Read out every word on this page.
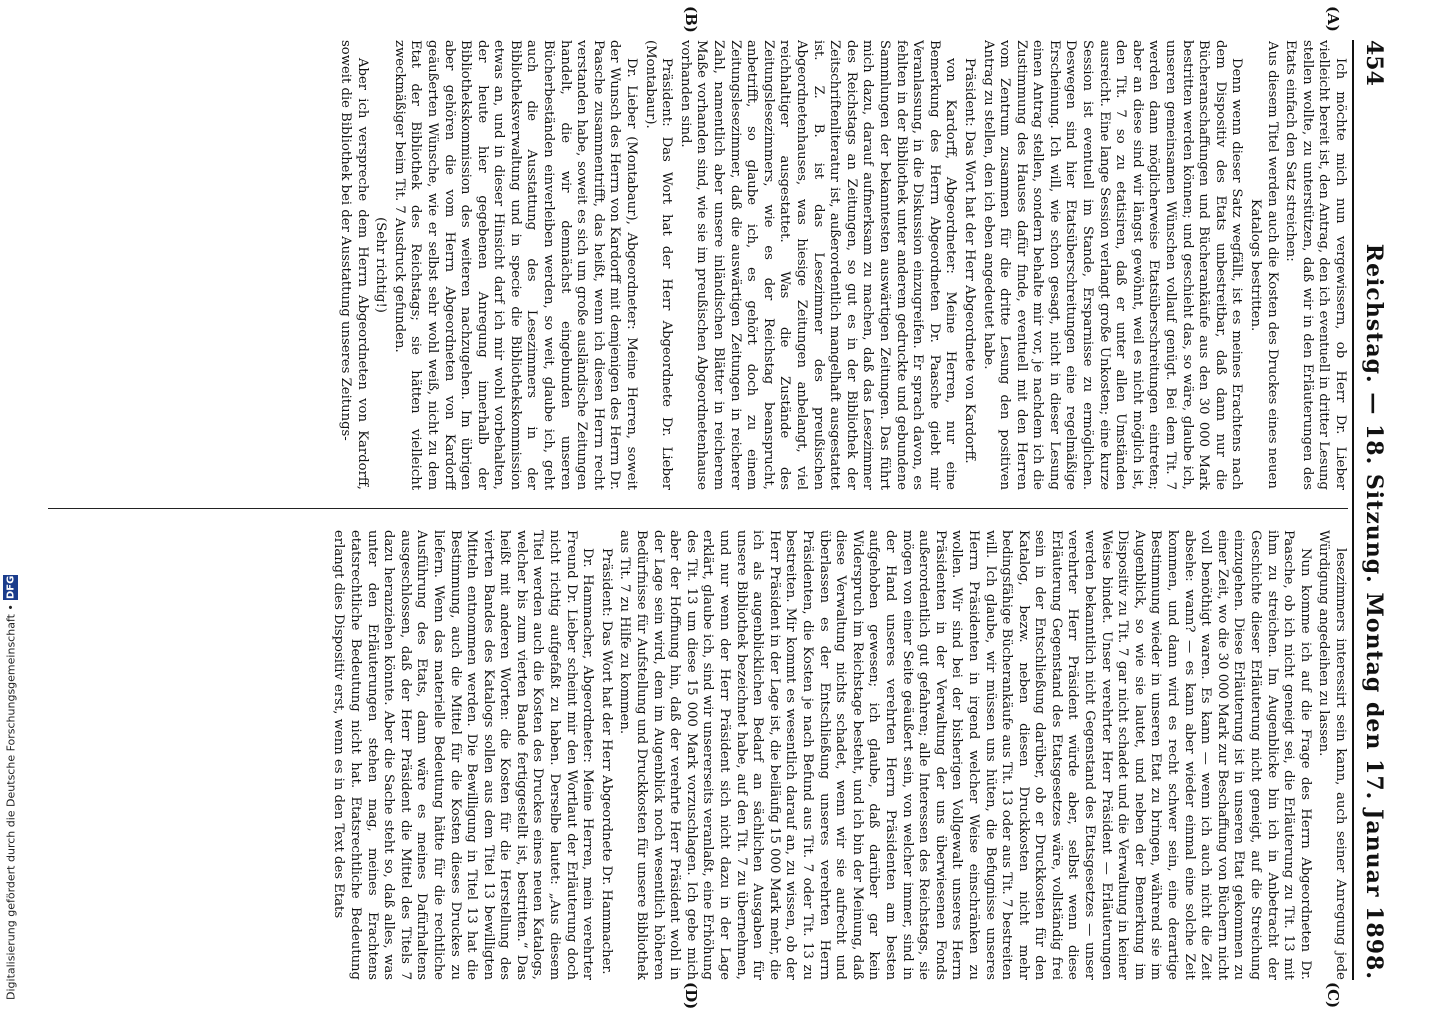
454
Reichstag. — 18. Sitzung. Montag den 17. Januar 1898.
(A)
(B)
(C)
(D)

Ich möchte mich nun vergewissern, ob Herr Dr. Lieber vielleicht bereit ist, den Antrag, den ich eventuell in dritter Lesung stellen wollte, zu unterstützen, daß wir in den Erläuterungen des Etats einfach den Satz streichen:

Aus diesem Titel werden auch die Kosten des Druckes eines neuen Katalogs bestritten.

Denn wenn dieser Satz wegfällt, ist es meines Erachtens nach dem Dispositiv des Etats unbestreitbar, daß dann nur die Bücheranschaffungen und Bücherankäufe aus den 30 000 Mark bestritten werden können; und geschieht das, so wäre, glaube ich, unseren gemeinsamen Wünschen vollauf genügt. Bei dem Tit. 7 werden dann möglicherweise Etatsüberschreitungen eintreten; aber an diese sind wir längst gewöhnt, weil es nicht möglich ist, den Tit. 7 so zu etatisiren, daß er unter allen Umständen ausreicht. Eine lange Session verlangt große Unkosten; eine kurze Session ist eventuell im Stande, Ersparnisse zu ermöglichen. Deswegen sind hier Etatsüberschreitungen eine regelmäßige Erscheinung. Ich will, wie schon gesagt, nicht in dieser Lesung einen Antrag stellen, sondern behalte mir vor, je nachdem ich die Zustimmung des Hauses dafür finde, eventuell mit den Herren vom Zentrum zusammen für die dritte Lesung den positiven Antrag zu stellen, den ich eben angedeutet habe.

Präsident: Das Wort hat der Herr Abgeordnete von Kardorff.

von Kardorff, Abgeordneter: Meine Herren, nur eine Bemerkung des Herrn Abgeordneten Dr. Paasche giebt mir Veranlassung, in die Diskussion einzugreifen. Er sprach davon, es fehlten in der Bibliothek unter anderem gedruckte und gebundene Sammlungen der bekanntesten auswärtigen Zeitungen. Das führt mich dazu, darauf aufmerksam zu machen, daß das Lesezimmer des Reichstags an Zeitungen, so gut es in der Bibliothek der Zeitschriftenliteratur ist, außerordentlich mangelhaft ausgestattet ist. Z. B. ist das Lesezimmer des preußischen Abgeordnetenhauses, was hiesige Zeitungen anbelangt, viel reichhaltiger ausgestattet. Was die Zustände des Zeitungslesezimmers, wie es der Reichstag beansprucht, anbetrifft, so glaube ich, es gehört doch zu einem Zeitungslesezimmer, daß die auswärtigen Zeitungen in reicherer Zahl, namentlich aber unsere inländischen Blätter in reicherem Maße vorhanden sind, wie sie im preußischen Abgeordnetenhause vorhanden sind.

Präsident: Das Wort hat der Herr Abgeordnete Dr. Lieber (Montabaur).

Dr. Lieber (Montabaur), Abgeordneter: Meine Herren, soweit der Wunsch des Herrn von Kardorff mit demjenigen des Herrn Dr. Paasche zusammentrifft, das heißt, wenn ich diesen Herrn recht verstanden habe, soweit es sich um große ausländische Zeitungen handelt, die wir demnächst eingebunden unseren Bücherbeständen einverleiben werden, so weit, glaube ich, geht auch die Ausstattung des Lesezimmers in der Bibliotheksverwaltung und in specie die Bibliothekskommission etwas an, und in dieser Hinsicht darf ich mir wohl vorbehalten, der heute hier gegebenen Anregung innerhalb der Bibliothekskommission des weiteren nachzugehen. Im übrigen aber gehören die vom Herrn Abgeordneten von Kardorff geäußerten Wünsche, wie er selbst sehr wohl weiß, nicht zu dem Etat der Bibliothek des Reichstags; sie hätten vielleicht zweckmäßiger beim Tit. 7 Ausdruck gefunden.

(Sehr richtig!)

Aber ich verspreche dem Herrn Abgeordneten von Kardorff, soweit die Bibliothek bei der Ausstattung unseres Zeitungs-

lesezimmers interessirt sein kann, auch seiner Anregung jede Würdigung angedeihen zu lassen.

Nun komme ich auf die Frage des Herrn Abgeordneten Dr. Paasche, ob ich nicht geneigt sei, die Erläuterung zu Tit. 13 mit ihm zu streichen. Im Augenblicke bin ich in Anbetracht der Geschichte dieser Erläuterung nicht geneigt, auf die Streichung einzugehen. Diese Erläuterung ist in unseren Etat gekommen zu einer Zeit, wo die 30 000 Mark zur Beschaffung von Büchern nicht voll benöthigt waren. Es kann — wenn ich auch nicht die Zeit absehe: wann? — es kann aber wieder einmal eine solche Zeit kommen, und dann wird es recht schwer sein, eine derartige Bestimmung wieder in unseren Etat zu bringen, während sie im Augenblick, so wie sie lautet, und neben der Bemerkung im Dispositiv zu Tit. 7 gar nicht schadet und die Verwaltung in keiner Weise bindet. Unser verehrter Herr Präsident — Erläuterungen werden bekanntlich nicht Gegenstand des Etatsgesetzes — unser verehrter Herr Präsident würde aber, selbst wenn diese Erläuterung Gegenstand des Etatsgesetzes wäre, vollständig frei sein in der Entschließung darüber, ob er Druckkosten für den Katalog, bezw. neben diesen Druckkosten nicht mehr bedingsfähige Bücherankäufe aus Tit. 13 oder aus Tit. 7 bestreiten will. Ich glaube, wir müssen uns hüten, die Befugnisse unseres Herrn Präsidenten in irgend welcher Weise einschränken zu wollen. Wir sind bei der bisherigen Vollgewalt unseres Herrn Präsidenten in der Verwaltung der uns überwiesenen Fonds außerordentlich gut gefahren; alle Interessen des Reichstags, sie mögen von einer Seite geäußert sein, von welcher immer, sind in der Hand unseres verehrten Herrn Präsidenten am besten aufgehoben gewesen; ich glaube, daß darüber gar kein Widerspruch im Reichstage besteht, und ich bin der Meinung, daß diese Verwaltung nichts schadet, wenn wir sie aufrecht und überlassen es der Entschließung unseres verehrten Herrn Präsidenten, die Kosten je nach Befund aus Tit. 7 oder Tit. 13 zu bestreiten. Mir kommt es wesentlich darauf an, zu wissen, ob der Herr Präsident in der Lage ist, die beiläufig 15 000 Mark mehr, die ich als augenblicklichen Bedarf an sächlichen Ausgaben für unsere Bibliothek bezeichnet habe, auf den Tit. 7 zu übernehmen, und nur wenn der Herr Präsident sich nicht dazu in der Lage erklärt, glaube ich, sind wir unsererseits veranlaßt, eine Erhöhung des Tit. 13 um diese 15 000 Mark vorzuschlagen. Ich gebe mich aber der Hoffnung hin, daß der verehrte Herr Präsident wohl in der Lage sein wird, dem im Augenblick noch wesentlich höheren Bedürfnisse für Aufstellung und Druckkosten für unsere Bibliothek aus Tit. 7 zu Hilfe zu kommen.

Präsident: Das Wort hat der Herr Abgeordnete Dr. Hammacher.

Dr. Hammacher, Abgeordneter: Meine Herren, mein verehrter Freund Dr. Lieber scheint mir den Wortlaut der Erläuterung doch nicht richtig aufgefaßt zu haben. Derselbe lautet: „Aus diesem Titel werden auch die Kosten des Druckes eines neuen Katalogs, welcher bis zum vierten Bande fertiggestellt ist, bestritten.“ Das heißt mit anderen Worten: die Kosten für die Herstellung des vierten Bandes des Katalogs sollen aus dem Titel 13 bewilligten Mitteln entnommen werden. Die Bewilligung in Titel 13 hat die Bestimmung, auch die Mittel für die Kosten dieses Druckes zu liefern. Wenn das materielle Bedeutung hätte für die rechtliche Ausführung des Etats, dann wäre es meines Dafürhaltens ausgeschlossen, daß der Herr Präsident die Mittel des Titels 7 dazu heranziehen könnte. Aber die Sache steht so, daß alles, was unter den Erläuterungen stehen mag, meines Erachtens etatsrechtliche Bedeutung nicht hat. Etatsrechtliche Bedeutung erlangt dies Dispositiv erst, wenn es in den Text des Etats

Digitalisierung gefördert durch die Deutsche Forschungsgemeinschaft •
DFG
